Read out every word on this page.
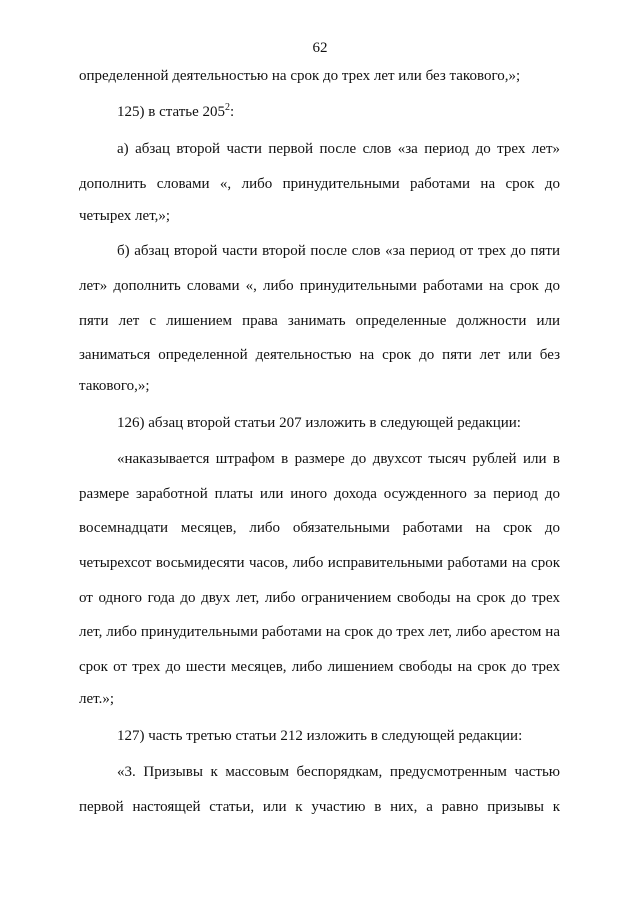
62
определенной деятельностью на срок до трех лет или без такового,»;
125) в статье $205^2$:
а) абзац второй части первой после слов «за период до трех лет»
дополнить словами «, либо принудительными работами на срок до
четырех лет,»;
б) абзац второй части второй после слов «за период от трех до пяти
лет» дополнить словами «, либо принудительными работами на срок до
пяти лет с лишением права занимать определенные должности или
заниматься определенной деятельностью на срок до пяти лет или без
такового,»;
126) абзац второй статьи 207 изложить в следующей редакции:
«наказывается штрафом в размере до двухсот тысяч рублей или в
размере заработной платы или иного дохода осужденного за период до
восемнадцати месяцев, либо обязательными работами на срок до
четырехсот восьмидесяти часов, либо исправительными работами на срок
от одного года до двух лет, либо ограничением свободы на срок до трех
лет, либо принудительными работами на срок до трех лет, либо арестом на
срок от трех до шести месяцев, либо лишением свободы на срок до трех
лет.»;
127) часть третью статьи 212 изложить в следующей редакции:
«3. Призывы к массовым беспорядкам, предусмотренным частью
первой настоящей статьи, или к участию в них, а равно призывы к
